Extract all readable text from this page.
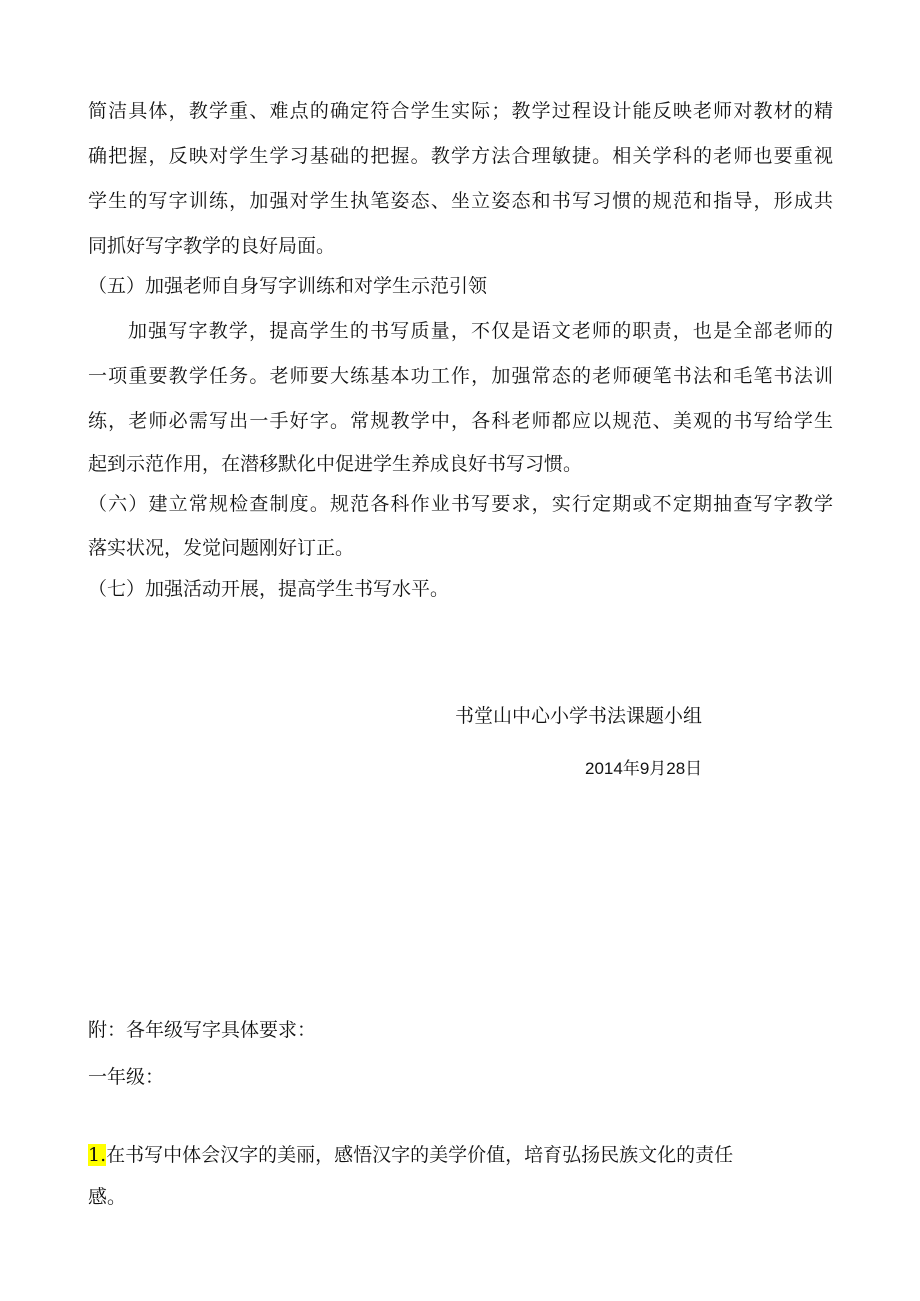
简洁具体，教学重、难点的确定符合学生实际；教学过程设计能反映老师对教材的精
确把握，反映对学生学习基础的把握。教学方法合理敏捷。相关学科的老师也要重视
学生的写字训练，加强对学生执笔姿态、坐立姿态和书写习惯的规范和指导，形成共
同抓好写字教学的良好局面。
（五）加强老师自身写字训练和对学生示范引领
加强写字教学，提高学生的书写质量，不仅是语文老师的职责，也是全部老师的
一项重要教学任务。老师要大练基本功工作，加强常态的老师硬笔书法和毛笔书法训
练，老师必需写出一手好字。常规教学中，各科老师都应以规范、美观的书写给学生
起到示范作用，在潜移默化中促进学生养成良好书写习惯。
（六）建立常规检查制度。规范各科作业书写要求，实行定期或不定期抽查写字教学
落实状况，发觉问题刚好订正。
（七）加强活动开展，提高学生书写水平。
书堂山中心小学书法课题小组
2014年9月28日
附：各年级写字具体要求：
一年级：
1.在书写中体会汉字的美丽，感悟汉字的美学价值，培育弘扬民族文化的责任
感。
